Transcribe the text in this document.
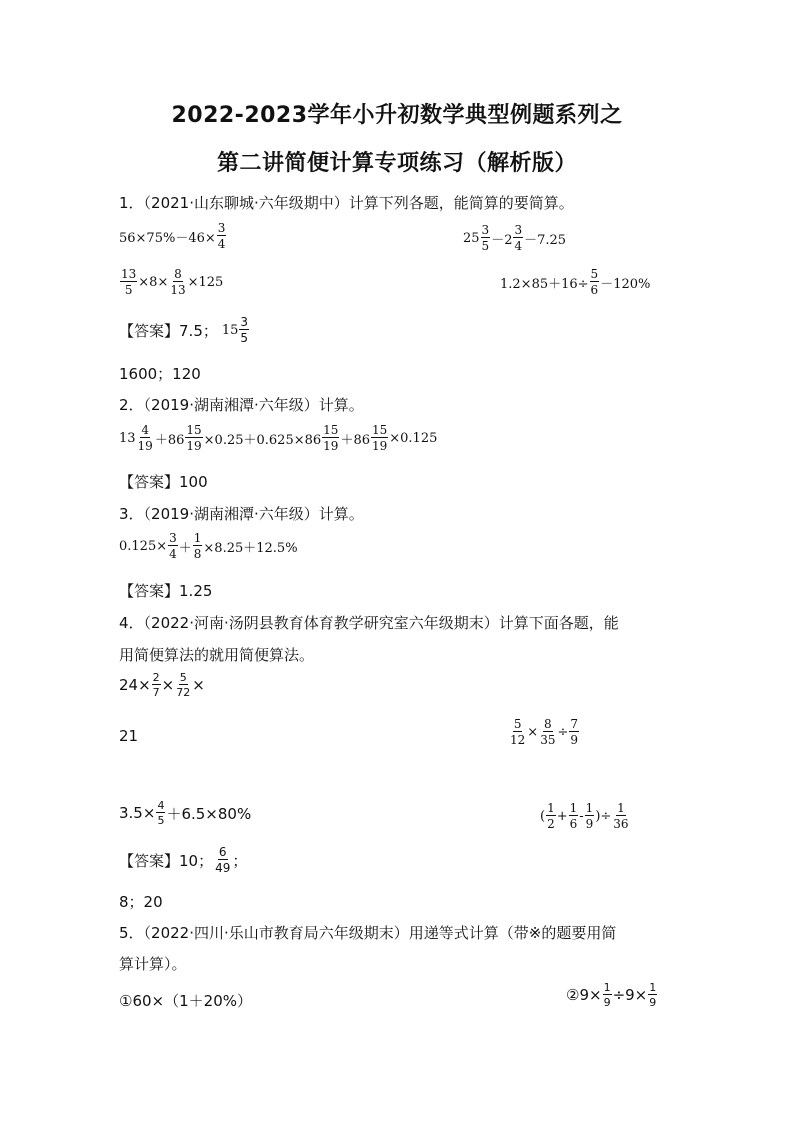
2022-2023学年小升初数学典型例题系列之
第二讲简便计算专项练习（解析版）
1．（2021·山东聊城·六年级期中）计算下列各题，能简算的要简算。
$56\times 75\%-46\times \frac{3}{4}$	$25 \frac{3}{5} -2 \frac{3}{4} -7.25$
$\frac{13}{5} \times 8\times \frac{8}{13} \times 125$	$1.2\times 85+16\div \frac{5}{6} -120\%$
【答案】 7.5； $15 \frac{3}{5}$
1600；120
2．（2019·湖南湘潭·六年级）计算。
$13 \frac{4}{19} +86 \frac{15}{19} \times 0.25+0.625\times 86 \frac{15}{19} +86 \frac{15}{19} \times 0.125$
【答案】 100
3．（2019·湖南湘潭·六年级）计算。
$0.125\times \frac{3}{4} + \frac{1}{8} \times 8.25+12.5\%$
【答案】 1.25
4．（2022·河南·汤阴县教育体育教学研究室六年级期末）计算下面各题，能
用简便算法的就用简便算法。
$24\times \frac{2}{7} \times \frac{5}{72}$ ×
21	$\frac{5}{12} \times \frac{8}{35} \div \frac{7}{9}$
$3.5\times \frac{4}{5} +6.5\times 80\%$	( $\frac{1}{2} + \frac{1}{6} - \frac{1}{9}$ )÷ $\frac{1}{36}$
【答案】 10； $\frac{6}{49}$ ；
8；20
5．（2022·四川·乐山市教育局六年级期末）用递等式计算（带※的题要用简
算计算）。
①60×（1＋20%）	②9× $\frac{1}{9} \div 9\times \frac{1}{9}$
